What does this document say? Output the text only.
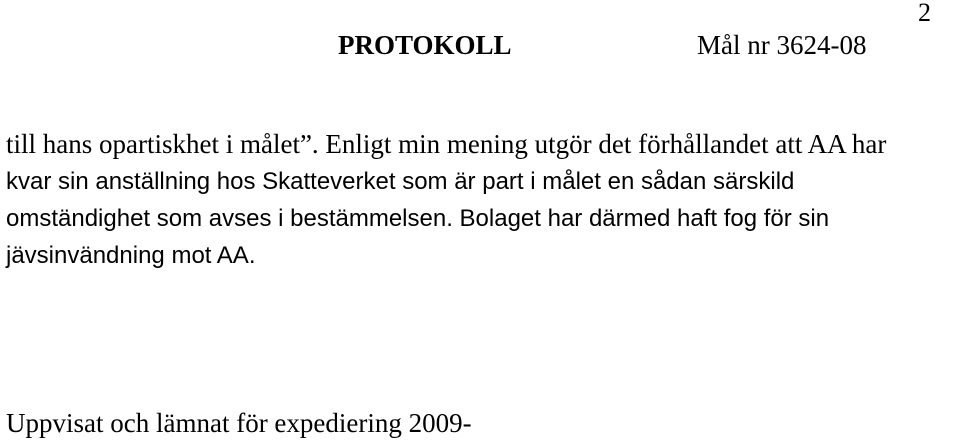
2
PROTOKOLL	Mål nr 3624-08
till hans opartiskhet i målet”. Enligt min mening utgör det förhållandet att AA har
kvar sin anställning hos Skatteverket som är part i målet en sådan särskild
omständighet som avses i bestämmelsen. Bolaget har därmed haft fog för sin
jävsinvändning mot AA.
Uppvisat och lämnat för expediering 2009-
